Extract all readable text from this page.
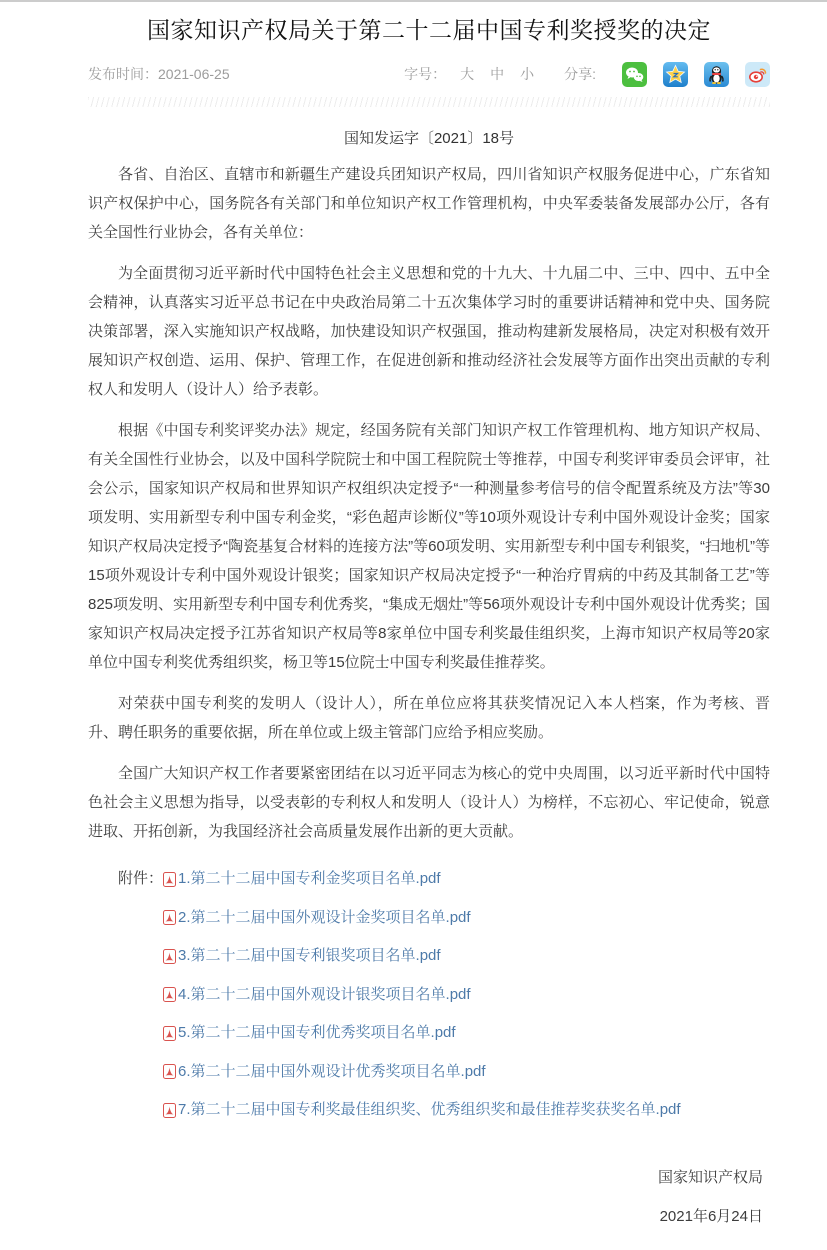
国家知识产权局关于第二十二届中国专利奖授奖的决定
发布时间：2021-06-25	字号： 大 中 小 分享:
国知发运字〔2021〕18号

各省、自治区、直辖市和新疆生产建设兵团知识产权局，四川省知识产权服务促进中心，广东省知识产权保护中心，国务院各有关部门和单位知识产权工作管理机构，中央军委装备发展部办公厅，各有关全国性行业协会，各有关单位：

为全面贯彻习近平新时代中国特色社会主义思想和党的十九大、十九届二中、三中、四中、五中全会精神，认真落实习近平总书记在中央政治局第二十五次集体学习时的重要讲话精神和党中央、国务院决策部署，深入实施知识产权战略，加快建设知识产权强国，推动构建新发展格局，决定对积极有效开展知识产权创造、运用、保护、管理工作，在促进创新和推动经济社会发展等方面作出突出贡献的专利权人和发明人（设计人）给予表彰。

根据《中国专利奖评奖办法》规定，经国务院有关部门知识产权工作管理机构、地方知识产权局、有关全国性行业协会，以及中国科学院院士和中国工程院院士等推荐，中国专利奖评审委员会评审，社会公示，国家知识产权局和世界知识产权组织决定授予“一种测量参考信号的信令配置系统及方法”等30项发明、实用新型专利中国专利金奖，“彩色超声诊断仪”等10项外观设计专利中国外观设计金奖；国家知识产权局决定授予“陶瓷基复合材料的连接方法”等60项发明、实用新型专利中国专利银奖，“扫地机”等15项外观设计专利中国外观设计银奖；国家知识产权局决定授予“一种治疗胃病的中药及其制备工艺”等825项发明、实用新型专利中国专利优秀奖，“集成无烟灶”等56项外观设计专利中国外观设计优秀奖；国家知识产权局决定授予江苏省知识产权局等8家单位中国专利奖最佳组织奖，上海市知识产权局等20家单位中国专利奖优秀组织奖，杨卫等15位院士中国专利奖最佳推荐奖。

对荣获中国专利奖的发明人（设计人），所在单位应将其获奖情况记入本人档案，作为考核、晋升、聘任职务的重要依据，所在单位或上级主管部门应给予相应奖励。

全国广大知识产权工作者要紧密团结在以习近平同志为核心的党中央周围，以习近平新时代中国特色社会主义思想为指导，以受表彰的专利权人和发明人（设计人）为榜样，不忘初心、牢记使命，锐意进取、开拓创新，为我国经济社会高质量发展作出新的更大贡献。

附件： 1.第二十二届中国专利金奖项目名单.pdf
2.第二十二届中国外观设计金奖项目名单.pdf
3.第二十二届中国专利银奖项目名单.pdf
4.第二十二届中国外观设计银奖项目名单.pdf
5.第二十二届中国专利优秀奖项目名单.pdf
6.第二十二届中国外观设计优秀奖项目名单.pdf
7.第二十二届中国专利奖最佳组织奖、优秀组织奖和最佳推荐奖获奖名单.pdf
国家知识产权局
2021年6月24日
